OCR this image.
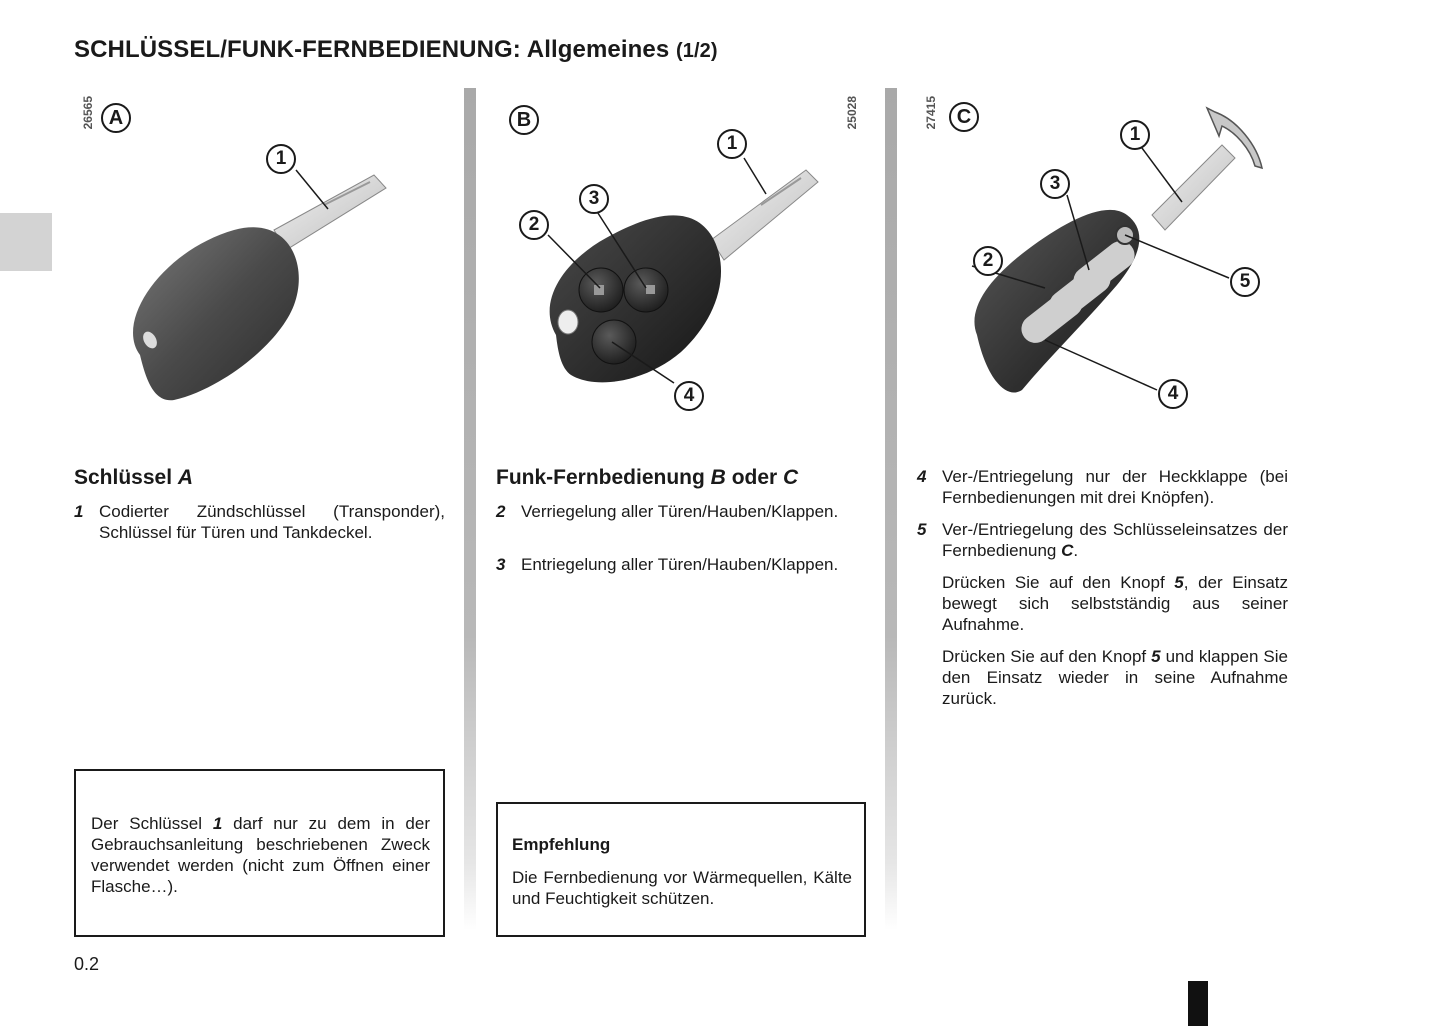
SCHLÜSSEL/FUNK-FERNBEDIENUNG: Allgemeines (1/2)
A
26565
1
B	25028
1
2
3
4
C
27415
1
2
3
4
5
Schlüssel A
1 Codierter Zündschlüssel (Transponder), Schlüssel für Türen und Tankdeckel.
Der Schlüssel 1 darf nur zu dem in der Gebrauchsanleitung beschriebenen Zweck verwendet werden (nicht zum Öffnen einer Flasche…).
Funk-Fernbedienung B oder C
2 Verriegelung aller Türen/Hauben/Klappen.
3 Entriegelung aller Türen/Hauben/Klappen.
Empfehlung
Die Fernbedienung vor Wärmequellen, Kälte und Feuchtigkeit schützen.
4 Ver-/Entriegelung nur der Heckklappe (bei Fernbedienungen mit drei Knöpfen).
5 Ver-/Entriegelung des Schlüsseleinsatzes der Fernbedienung C.
Drücken Sie auf den Knopf 5, der Einsatz bewegt sich selbstständig aus seiner Aufnahme.
Drücken Sie auf den Knopf 5 und klappen Sie den Einsatz wieder in seine Aufnahme zurück.
0.2
